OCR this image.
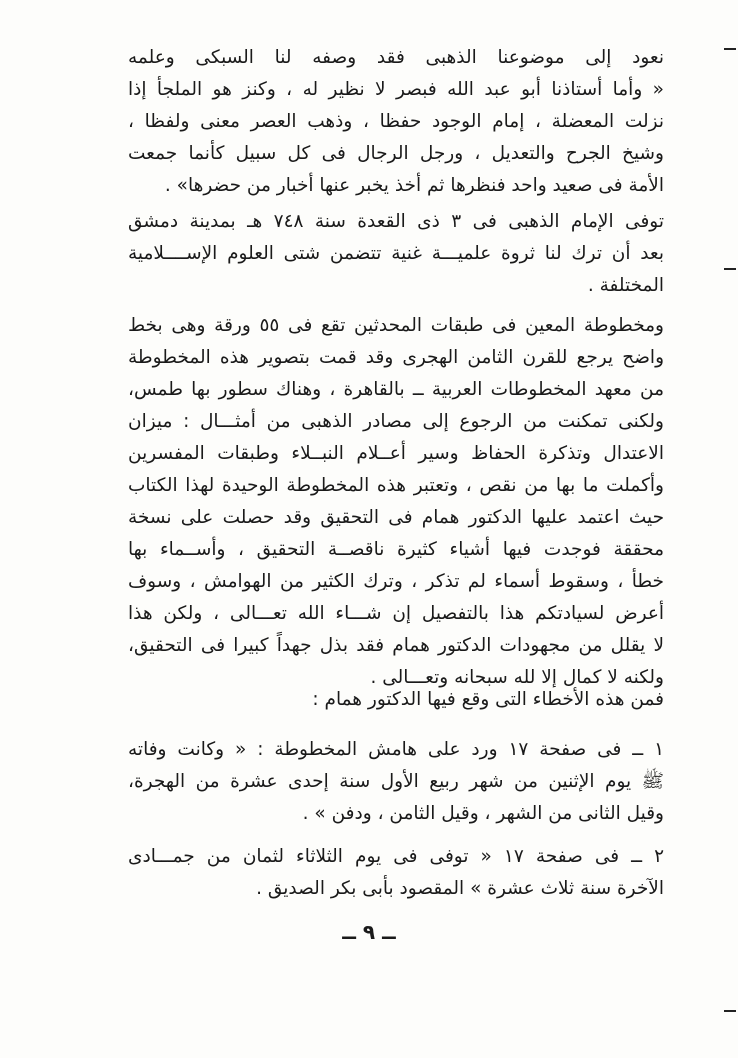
نعود إلى موضوعنا الذهبى فقد وصفه لنا السبكى وعلمه
« وأما أستاذنا أبو عبد الله فبصر لا نظير له ، وكنز هو الملجأ إذا
نزلت المعضلة ، إمام الوجود حفظا ، وذهب العصر معنى ولفظا ،
وشيخ الجرح والتعديل ، ورجل الرجال فى كل سبيل كأنما جمعت
الأمة فى صعيد واحد فنظرها ثم أخذ يخبر عنها أخبار من حضرها» .
توفى الإمام الذهبى فى ٣ ذى القعدة سنة ٧٤٨ هـ بمدينة دمشق
بعد أن ترك لنا ثروة علميـــة غنية تتضمن شتى العلوم الإســــلامية
المختلفة .
ومخطوطة المعين فى طبقات المحدثين تقع فى ٥٥ ورقة وهى بخط
واضح يرجع للقرن الثامن الهجرى وقد قمت بتصوير هذه المخطوطة
من معهد المخطوطات العربية ــ بالقاهرة ، وهناك سطور بها طمس،
ولكنى تمكنت من الرجوع إلى مصادر الذهبى من أمثـــال : ميزان
الاعتدال وتذكرة الحفاظ وسير أعــلام النبــلاء وطبقات المفسرين
وأكملت ما بها من نقص ، وتعتبر هذه المخطوطة الوحيدة لهذا الكتاب
حيث اعتمد عليها الدكتور همام فى التحقيق وقد حصلت على نسخة
محققة فوجدت فيها أشياء كثيرة ناقصــة التحقيق ، وأســماء بها
خطأ ، وسقوط أسماء لم تذكر ، وترك الكثير من الهوامش ، وسوف
أعرض لسيادتكم هذا بالتفصيل إن شـــاء الله تعـــالى ، ولكن هذا
لا يقلل من مجهودات الدكتور همام فقد بذل جهداً كبيرا فى التحقيق،
ولكنه لا كمال إلا لله سبحانه وتعـــالى .
فمن هذه الأخطاء التى وقع فيها الدكتور همام :
١ ــ فى صفحة ١٧ ورد على هامش المخطوطة : « وكانت وفاته
ﷺ يوم الإثنين من شهر ربيع الأول سنة إحدى عشرة من الهجرة،
وقيل الثانى من الشهر ، وقيل الثامن ، ودفن » .
٢ ــ فى صفحة ١٧ « توفى فى يوم الثلاثاء لثمان من جمـــادى
الآخرة سنة ثلاث عشرة » المقصود بأبى بكر الصديق .
ــ ٩ ــ
